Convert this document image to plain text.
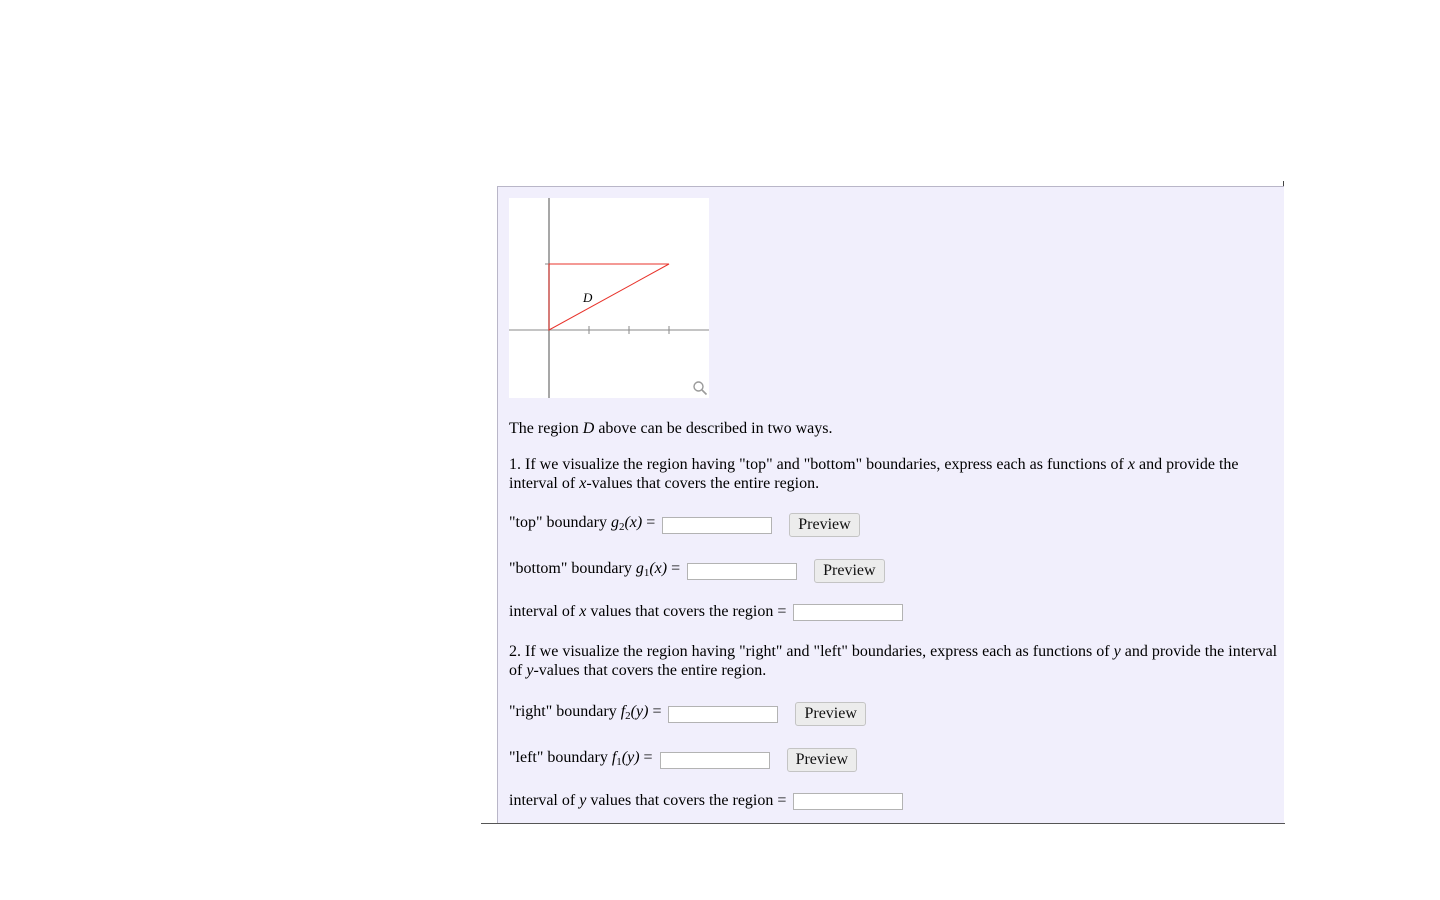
D
The region D above can be described in two ways.
1. If we visualize the region having "top" and "bottom" boundaries, express each as functions of x and provide the
interval of x-values that covers the entire region.
"top" boundary $g_2(x)$ =	Preview
"bottom" boundary $g_1(x)$ =	Preview
interval of x values that covers the region =
2. If we visualize the region having "right" and "left" boundaries, express each as functions of y and provide the interval
of y-values that covers the entire region.
"right" boundary $f_2(y)$ =	Preview
"left" boundary $f_1(y)$ =	Preview
interval of y values that covers the region =
